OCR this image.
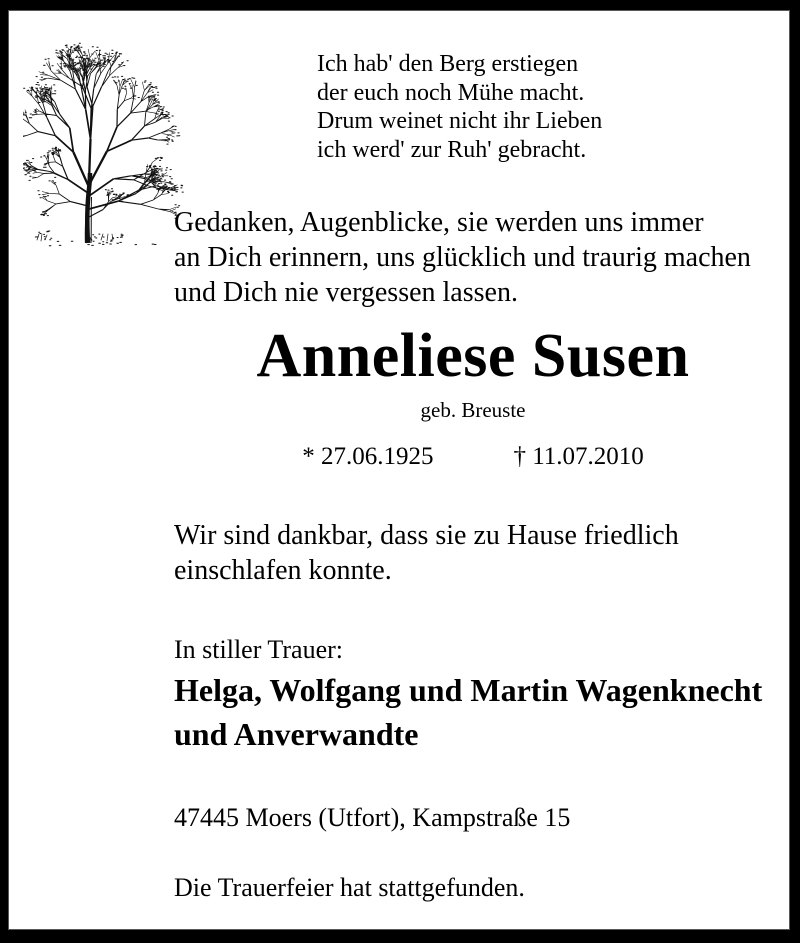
Ich hab' den Berg erstiegen
der euch noch Mühe macht.
Drum weinet nicht ihr Lieben
ich werd' zur Ruh' gebracht.
Gedanken, Augenblicke, sie werden uns immer
an Dich erinnern, uns glücklich und traurig machen
und Dich nie vergessen lassen.
Anneliese Susen
geb. Breuste
* 27.06.1925	† 11.07.2010
Wir sind dankbar, dass sie zu Hause friedlich
einschlafen konnte.
In stiller Trauer:
Helga, Wolfgang und Martin Wagenknecht
und Anverwandte
47445 Moers (Utfort), Kampstraße 15
Die Trauerfeier hat stattgefunden.
